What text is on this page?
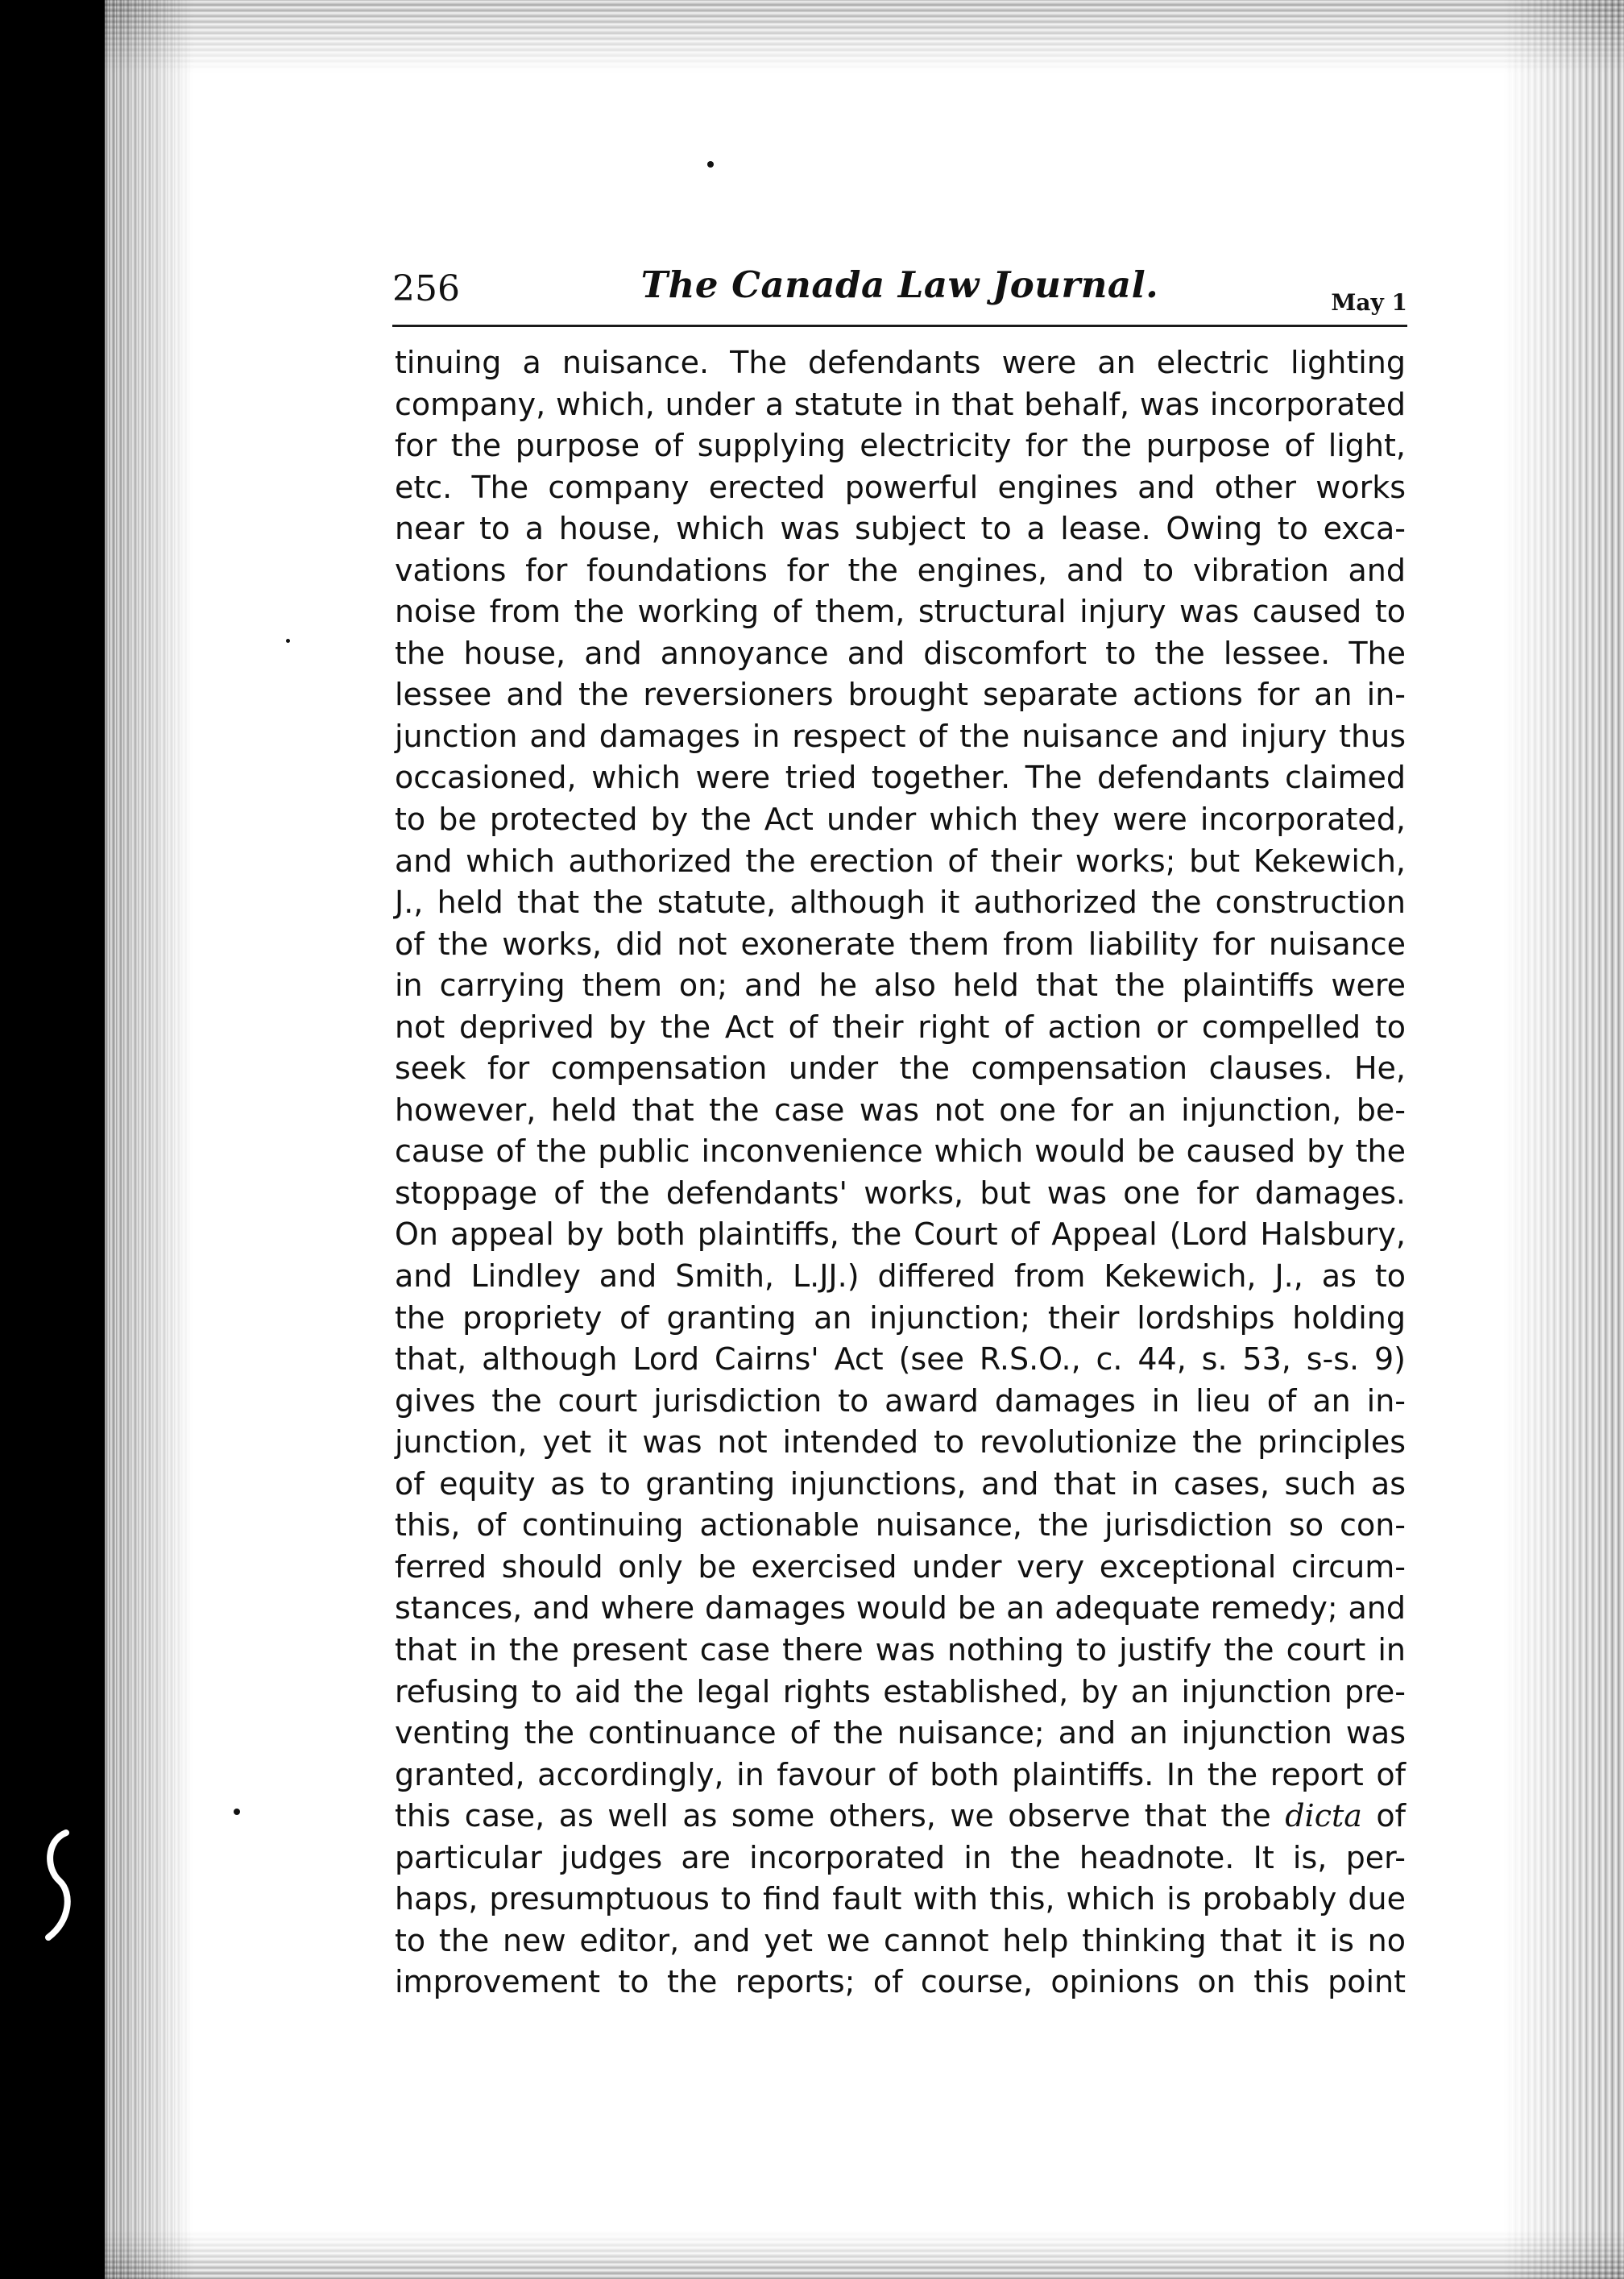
256	The Canada Law Journal.	May 1
tinuing a nuisance. The defendants were an electric lighting
company, which, under a statute in that behalf, was incorporated
for the purpose of supplying electricity for the purpose of light,
etc. The company erected powerful engines and other works
near to a house, which was subject to a lease. Owing to exca-
vations for foundations for the engines, and to vibration and
noise from the working of them, structural injury was caused to
the house, and annoyance and discomfort to the lessee. The
lessee and the reversioners brought separate actions for an in-
junction and damages in respect of the nuisance and injury thus
occasioned, which were tried together. The defendants claimed
to be protected by the Act under which they were incorporated,
and which authorized the erection of their works; but Kekewich,
J., held that the statute, although it authorized the construction
of the works, did not exonerate them from liability for nuisance
in carrying them on; and he also held that the plaintiffs were
not deprived by the Act of their right of action or compelled to
seek for compensation under the compensation clauses. He,
however, held that the case was not one for an injunction, be-
cause of the public inconvenience which would be caused by the
stoppage of the defendants' works, but was one for damages.
On appeal by both plaintiffs, the Court of Appeal (Lord Halsbury,
and Lindley and Smith, L.JJ.) differed from Kekewich, J., as to
the propriety of granting an injunction; their lordships holding
that, although Lord Cairns' Act (see R.S.O., c. 44, s. 53, s-s. 9)
gives the court jurisdiction to award damages in lieu of an in-
junction, yet it was not intended to revolutionize the principles
of equity as to granting injunctions, and that in cases, such as
this, of continuing actionable nuisance, the jurisdiction so con-
ferred should only be exercised under very exceptional circum-
stances, and where damages would be an adequate remedy; and
that in the present case there was nothing to justify the court in
refusing to aid the legal rights established, by an injunction pre-
venting the continuance of the nuisance; and an injunction was
granted, accordingly, in favour of both plaintiffs. In the report of
this case, as well as some others, we observe that the dicta of
particular judges are incorporated in the headnote. It is, per-
haps, presumptuous to find fault with this, which is probably due
to the new editor, and yet we cannot help thinking that it is no
improvement to the reports; of course, opinions on this point
